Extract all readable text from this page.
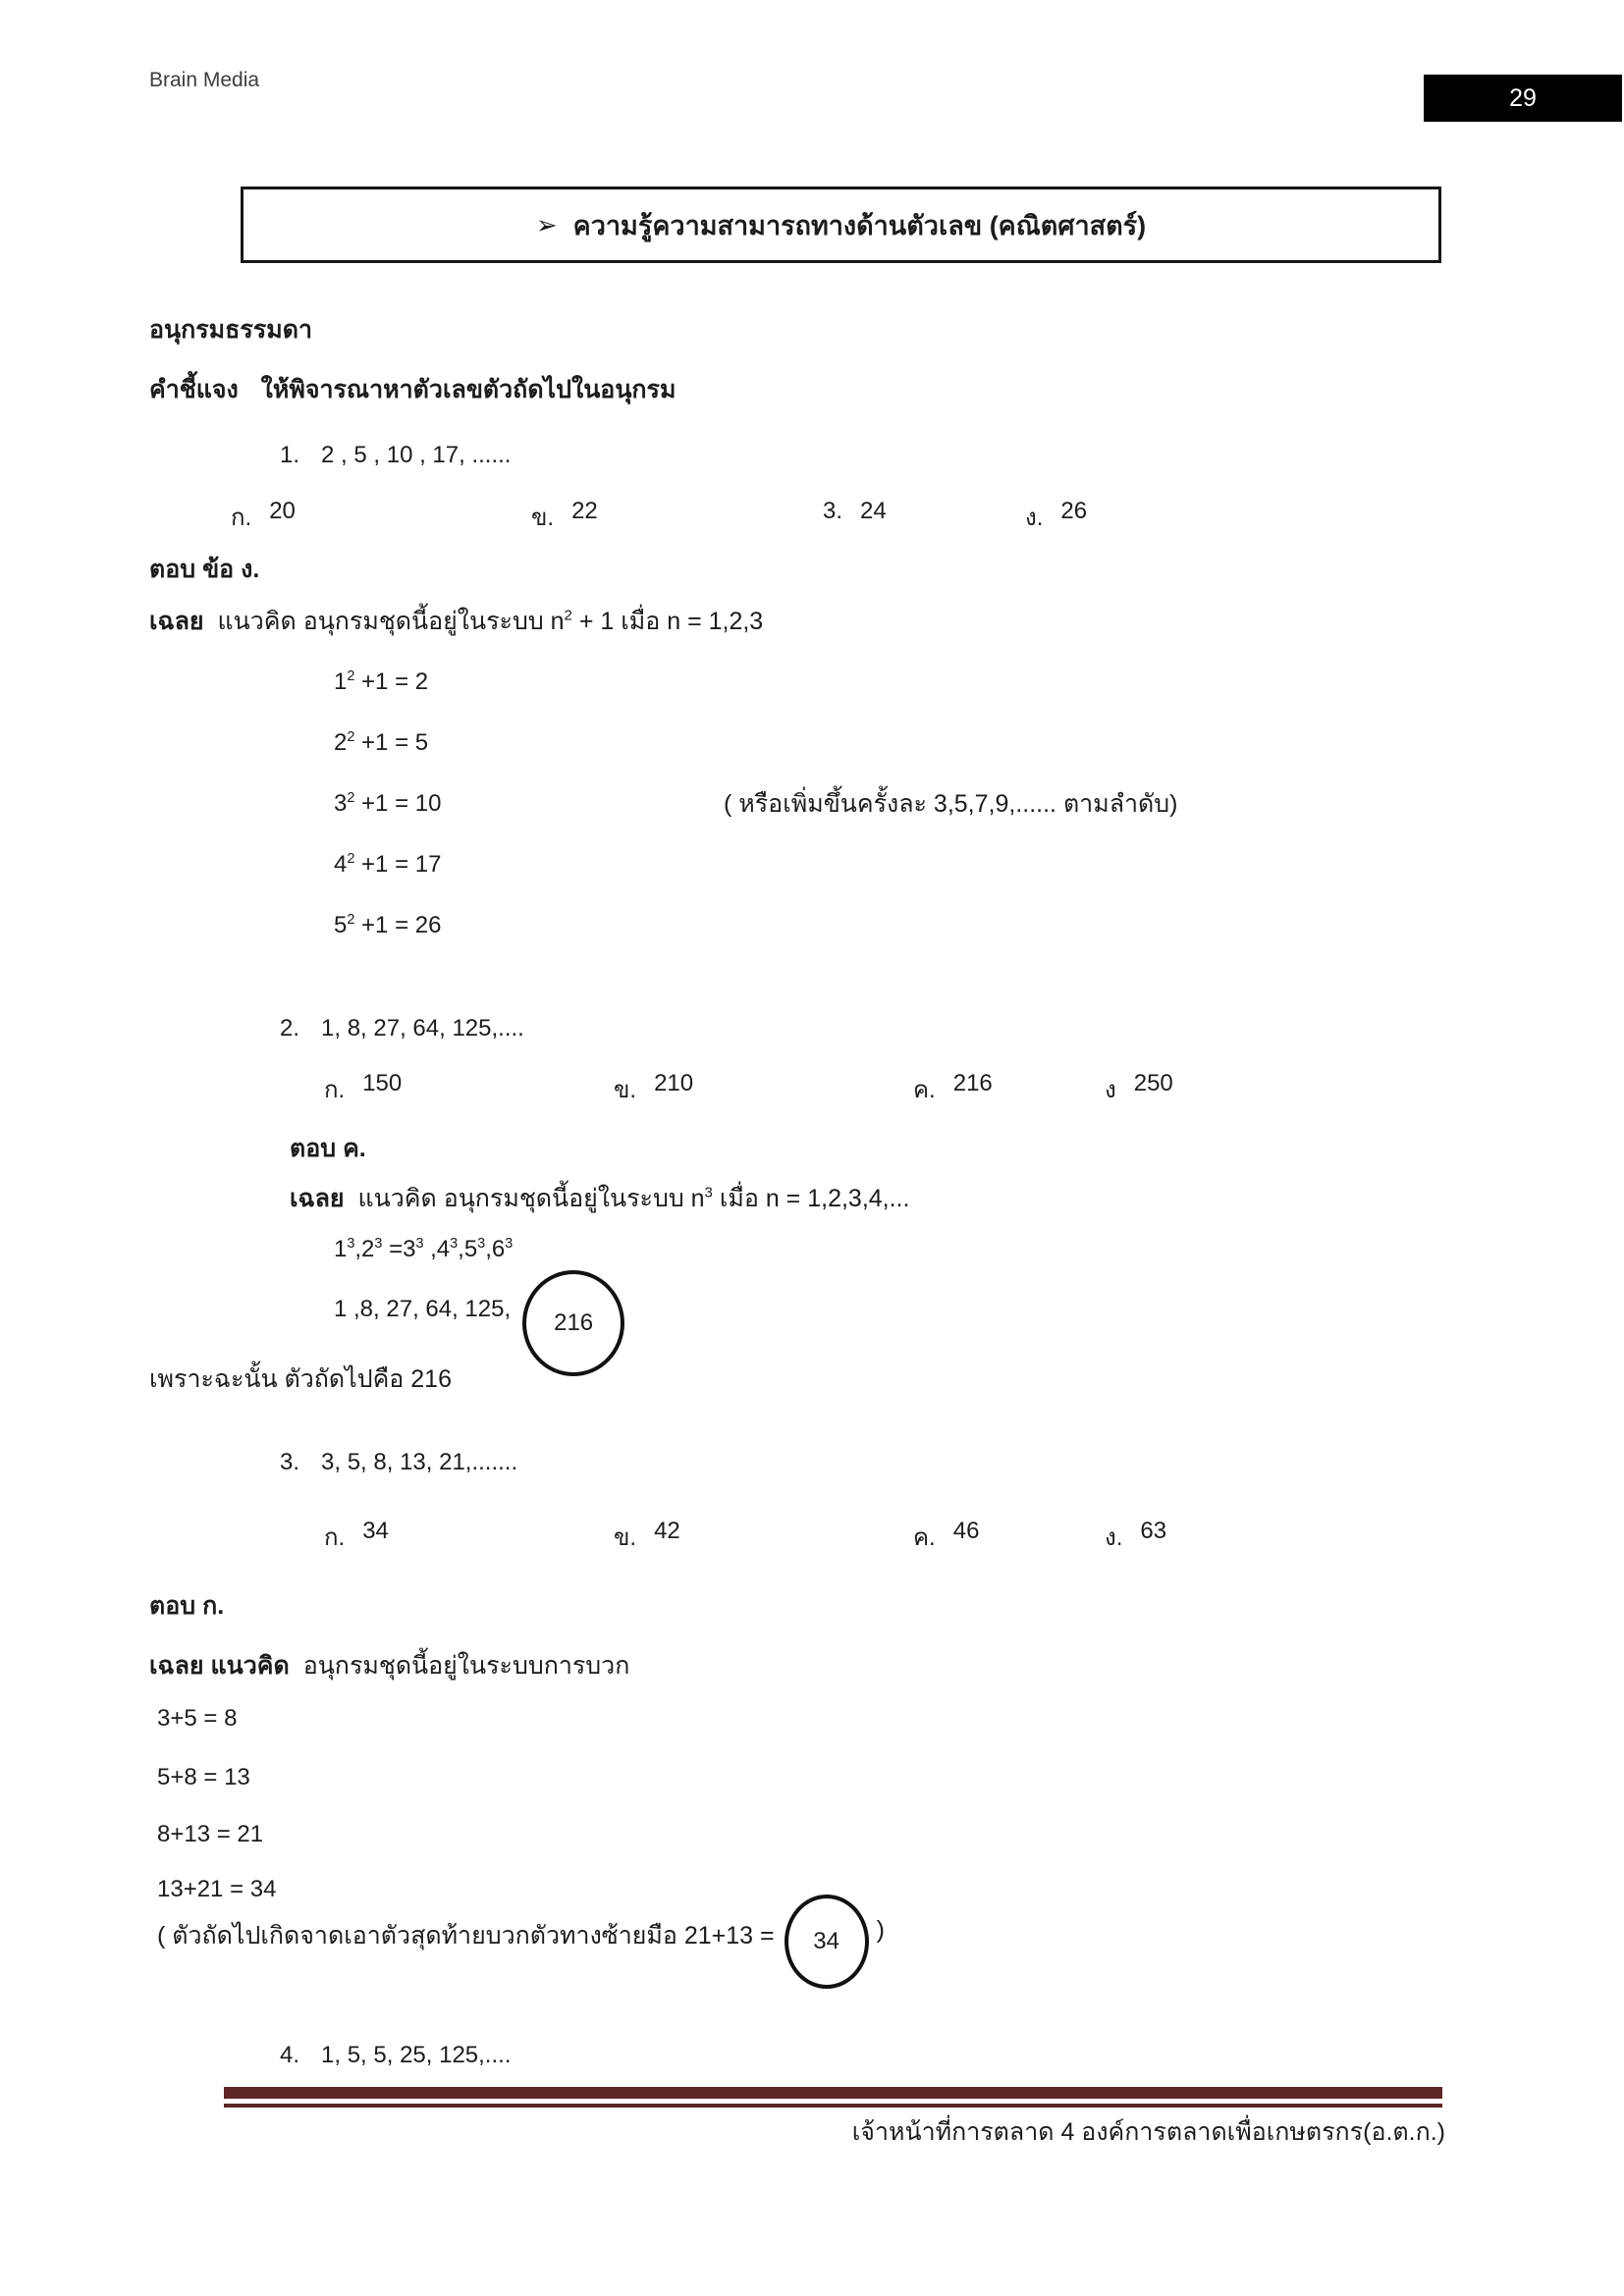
Brain Media
29
➢ ความรู้ความสามารถทางด้านตัวเลข (คณิตศาสตร์)
อนุกรมธรรมดา
คำชี้แจง ให้พิจารณาหาตัวเลขตัวถัดไปในอนุกรม
1. 2 , 5 , 10 , 17, ......
ก. 20	ข. 22	3. 24	ง. 26
ตอบ ข้อ ง.
เฉลย แนวคิด อนุกรมชุดนี้อยู่ในระบบ $n^2 + 1$ เมื่อ n = 1,2,3
$1^2 +1 = 2$
$2^2 +1 = 5$
$3^2 +1 = 10$
$4^2 +1 = 17$
$5^2 +1 = 26$
( หรือเพิ่มขึ้นครั้งละ 3,5,7,9,...... ตามลำดับ)
2. 1, 8, 27, 64, 125,....
ก. 150	ข. 210	ค. 216	ง 250
ตอบ ค.
เฉลย แนวคิด อนุกรมชุดนี้อยู่ในระบบ $n^3$ เมื่อ n = 1,2,3,4,...
$1^3,2^3 =3^3$ $,4^3,5^3,6^3$
1 ,8, 27, 64, 125,
216
เพราะฉะนั้น ตัวถัดไปคือ 216
3. 3, 5, 8, 13, 21,.......
ก. 34	ข. 42	ค. 46	ง. 63
ตอบ ก.
เฉลย แนวคิด อนุกรมชุดนี้อยู่ในระบบการบวก
3+5 = 8
5+8 = 13
8+13 = 21
13+21 = 34
( ตัวถัดไปเกิดจาดเอาตัวสุดท้ายบวกตัวทางซ้ายมือ 21+13 = 34 )
4. 1, 5, 5, 25, 125,....
เจ้าหน้าที่การตลาด 4 องค์การตลาดเพื่อเกษตรกร(อ.ต.ก.)
